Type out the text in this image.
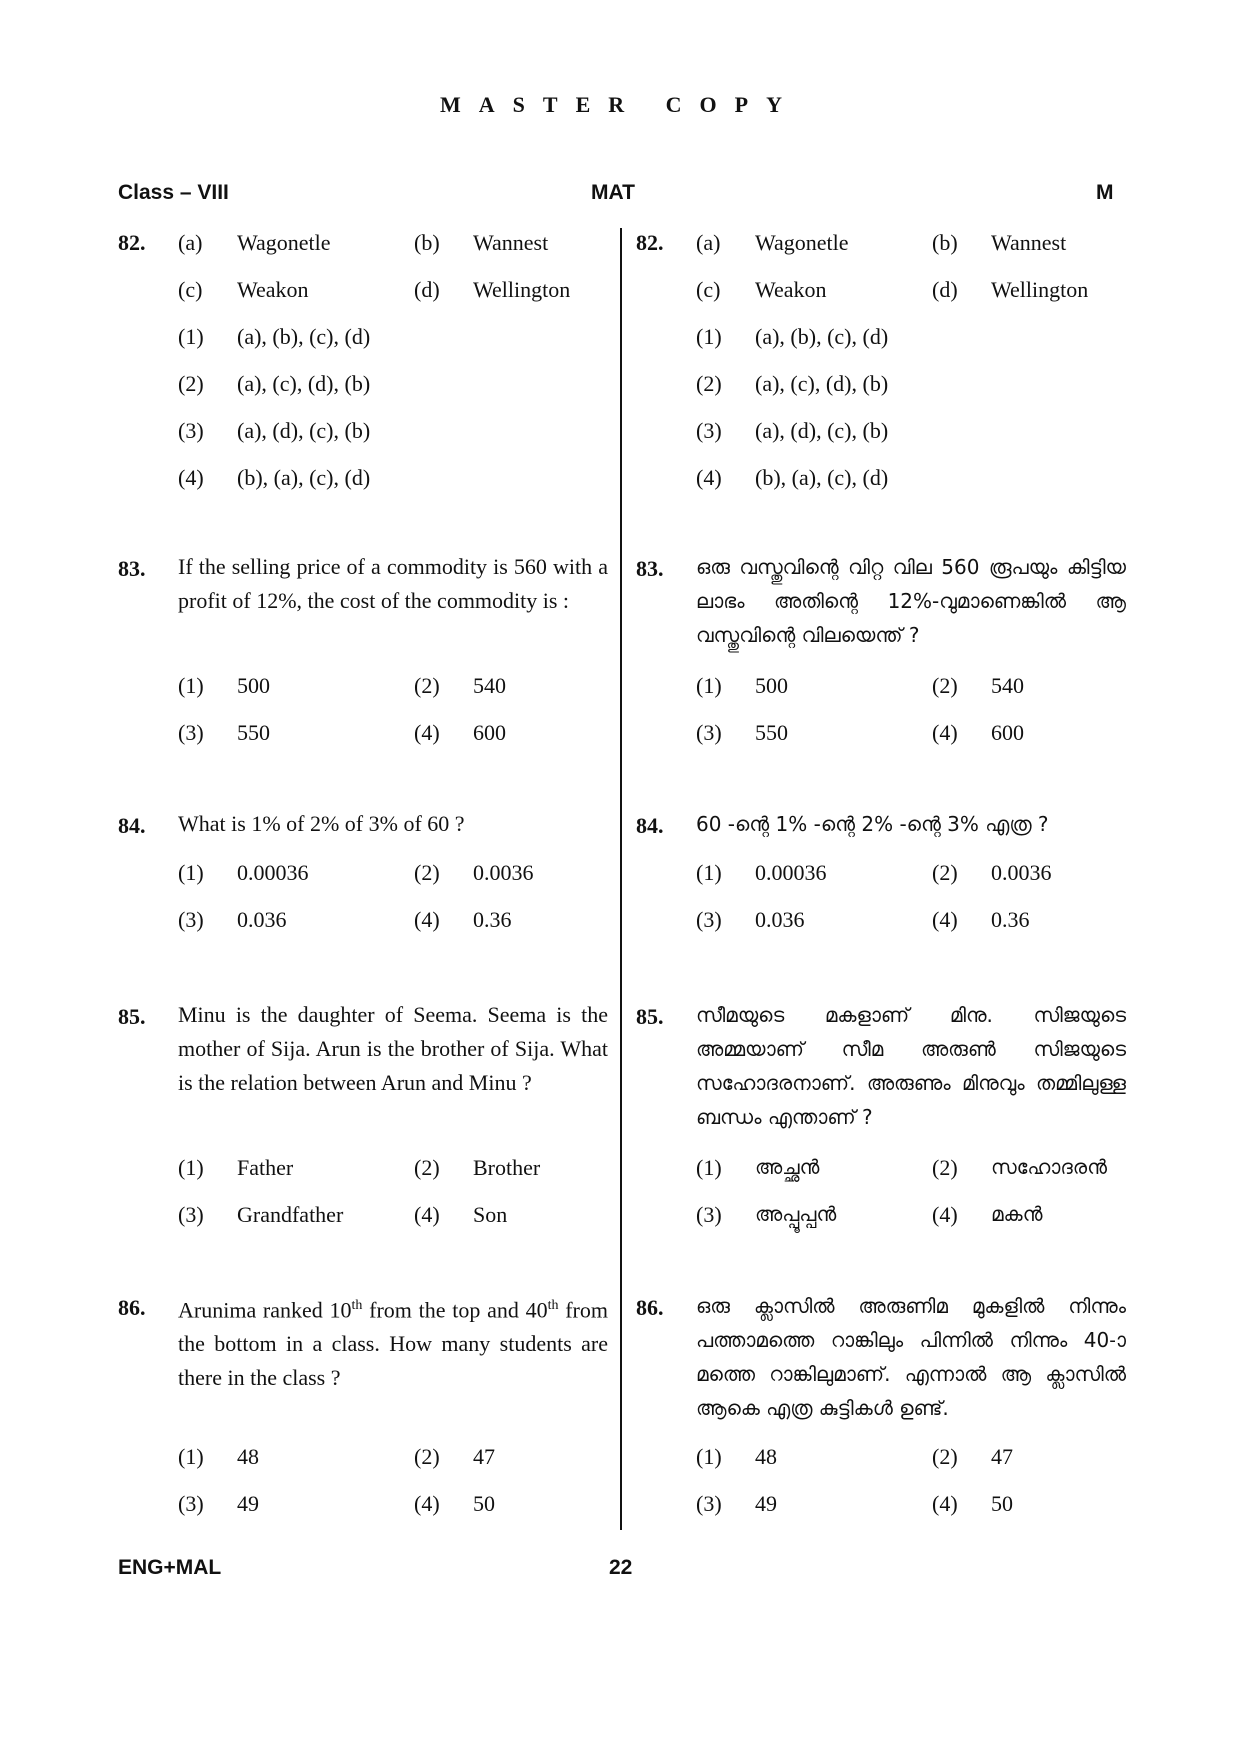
MASTER COPY
Class – VIII	MAT	M
82. (a) Wagonetle	(b) Wannest
(c) Weakon	(d) Wellington
(1) (a), (b), (c), (d)
(2) (a), (c), (d), (b)
(3) (a), (d), (c), (b)
(4) (b), (a), (c), (d)
83. If the selling price of a commodity is 560 with a profit of 12%, the cost of the commodity is :
(1) 500	(2) 540
(3) 550	(4) 600
84. What is 1% of 2% of 3% of 60 ?
(1) 0.00036	(2) 0.0036
(3) 0.036	(4) 0.36
85. Minu is the daughter of Seema. Seema is the mother of Sija. Arun is the brother of Sija. What is the relation between Arun and Minu ?
(1) Father	(2) Brother
(3) Grandfather	(4) Son
86. Arunima ranked 10th from the top and 40th from the bottom in a class. How many students are there in the class ?
(1) 48	(2) 47
(3) 49	(4) 50
82. (a) Wagonetle	(b) Wannest
(c) Weakon	(d) Wellington
(1) (a), (b), (c), (d)
(2) (a), (c), (d), (b)
(3) (a), (d), (c), (b)
(4) (b), (a), (c), (d)
83. ഒരു വസ്തുവിന്റെ വിറ്റ വില 560 രൂപയും കിട്ടിയ ലാഭം അതിന്റെ 12%-വുമാണെങ്കിൽ ആ വസ്തുവിന്റെ വിലയെന്ത് ?
(1) 500	(2) 540
(3) 550	(4) 600
84. 60 -ന്റെ 1% -ന്റെ 2% -ന്റെ 3% എത്ര ?
(1) 0.00036	(2) 0.0036
(3) 0.036	(4) 0.36
85. സീമയുടെ മകളാണ് മിനു. സിജയുടെ അമ്മയാണ് സീമ അരുൺ സിജയുടെ സഹോദരനാണ്. അരുണും മിനുവും തമ്മിലുള്ള ബന്ധം എന്താണ് ?
(1) അച്ഛൻ	(2) സഹോദരൻ
(3) അപ്പൂപ്പൻ	(4) മകൻ
86. ഒരു ക്ലാസിൽ അരുണിമ മുകളിൽ നിന്നും പത്താമത്തെ റാങ്കിലും പിന്നിൽ നിന്നും 40-ാമത്തെ റാങ്കിലുമാണ്. എന്നാൽ ആ ക്ലാസിൽ ആകെ എത്ര കുട്ടികൾ ഉണ്ട്.
(1) 48	(2) 47
(3) 49	(4) 50
ENG+MAL	22
